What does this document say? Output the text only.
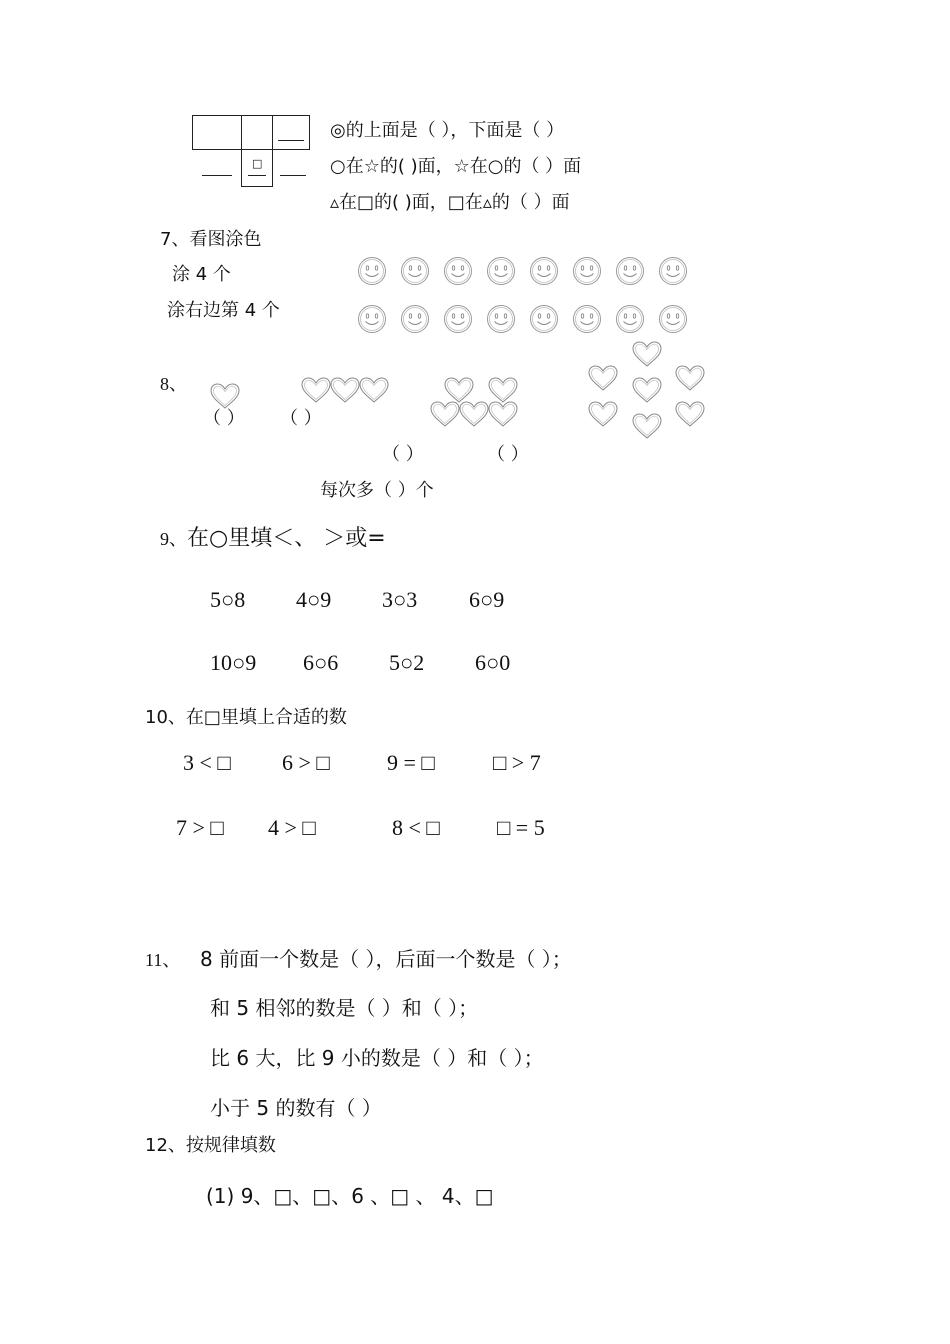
□
◎的上面是（ ），下面是（ ）
○在☆的( )面，☆在○的（ ）面
▵在□的( )面，□在▵的（ ）面
7、看图涂色
涂 4 个
涂右边第 4 个
8、
（ ） （ ）
（ ）	（ ）
每次多（ ）个
9、在○里填＜、 ＞或=
5○8 4○9 3○3 6○9
10○9 6○6 5○2 6○0
10、在□里填上合适的数
3 < □ 6 > □	9 = □	□ > 7
7 > □ 4 > □	8 < □	□ = 5
11、 8 前面一个数是（ ），后面一个数是（ ）；
和 5 相邻的数是（ ）和（ ）；
比 6 大，比 9 小的数是（ ）和（ ）；
小于 5 的数有（ ）
12、按规律填数
(1) 9、□、□、6 、□ 、 4、□
